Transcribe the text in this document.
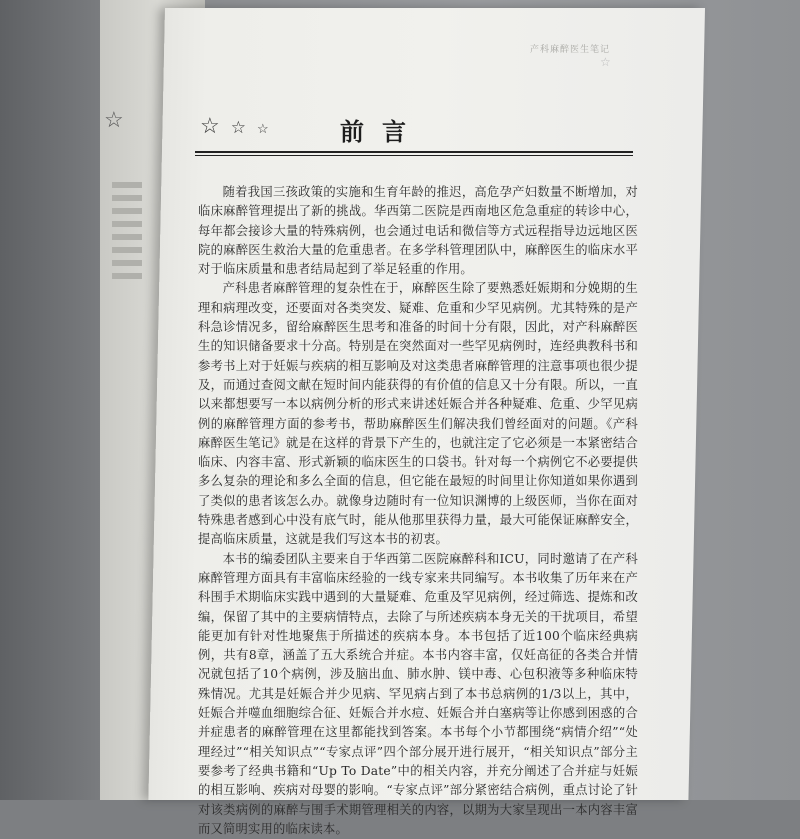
☆
☆
产科麻醉医生笔记
☆ ☆ ☆	前言

随着我国三孩政策的实施和生育年龄的推迟，高危孕产妇数量不断增加，对临床麻醉管理提出了新的挑战。华西第二医院是西南地区危急重症的转诊中心，每年都会接诊大量的特殊病例，也会通过电话和微信等方式远程指导边远地区医院的麻醉医生救治大量的危重患者。在多学科管理团队中，麻醉医生的临床水平对于临床质量和患者结局起到了举足轻重的作用。

产科患者麻醉管理的复杂性在于，麻醉医生除了要熟悉妊娠期和分娩期的生理和病理改变，还要面对各类突发、疑难、危重和少罕见病例。尤其特殊的是产科急诊情况多，留给麻醉医生思考和准备的时间十分有限，因此，对产科麻醉医生的知识储备要求十分高。特别是在突然面对一些罕见病例时，连经典教科书和参考书上对于妊娠与疾病的相互影响及对这类患者麻醉管理的注意事项也很少提及，而通过查阅文献在短时间内能获得的有价值的信息又十分有限。所以，一直以来都想要写一本以病例分析的形式来讲述妊娠合并各种疑难、危重、少罕见病例的麻醉管理方面的参考书，帮助麻醉医生们解决我们曾经面对的问题。《产科麻醉医生笔记》就是在这样的背景下产生的，也就注定了它必须是一本紧密结合临床、内容丰富、形式新颖的临床医生的口袋书。针对每一个病例它不必要提供多么复杂的理论和多么全面的信息，但它能在最短的时间里让你知道如果你遇到了类似的患者该怎么办。就像身边随时有一位知识渊博的上级医师，当你在面对特殊患者感到心中没有底气时，能从他那里获得力量，最大可能保证麻醉安全，提高临床质量，这就是我们写这本书的初衷。

本书的编委团队主要来自于华西第二医院麻醉科和ICU，同时邀请了在产科麻醉管理方面具有丰富临床经验的一线专家来共同编写。本书收集了历年来在产科围手术期临床实践中遇到的大量疑难、危重及罕见病例，经过筛选、提炼和改编，保留了其中的主要病情特点，去除了与所述疾病本身无关的干扰项目，希望能更加有针对性地聚焦于所描述的疾病本身。本书包括了近100个临床经典病例，共有8章，涵盖了五大系统合并症。本书内容丰富，仅妊高征的各类合并情况就包括了10个病例，涉及脑出血、肺水肿、镁中毒、心包积液等多种临床特殊情况。尤其是妊娠合并少见病、罕见病占到了本书总病例的1/3以上，其中，妊娠合并噬血细胞综合征、妊娠合并水痘、妊娠合并白塞病等让你感到困惑的合并症患者的麻醉管理在这里都能找到答案。本书每个小节都围绕“病情介绍”“处理经过”“相关知识点”“专家点评”四个部分展开进行展开，“相关知识点”部分主要参考了经典书籍和“Up To Date”中的相关内容，并充分阐述了合并症与妊娠的相互影响、疾病对母婴的影响。“专家点评”部分紧密结合病例，重点讨论了针对该类病例的麻醉与围手术期管理相关的内容，以期为大家呈现出一本内容丰富而又简明实用的临床读本。
